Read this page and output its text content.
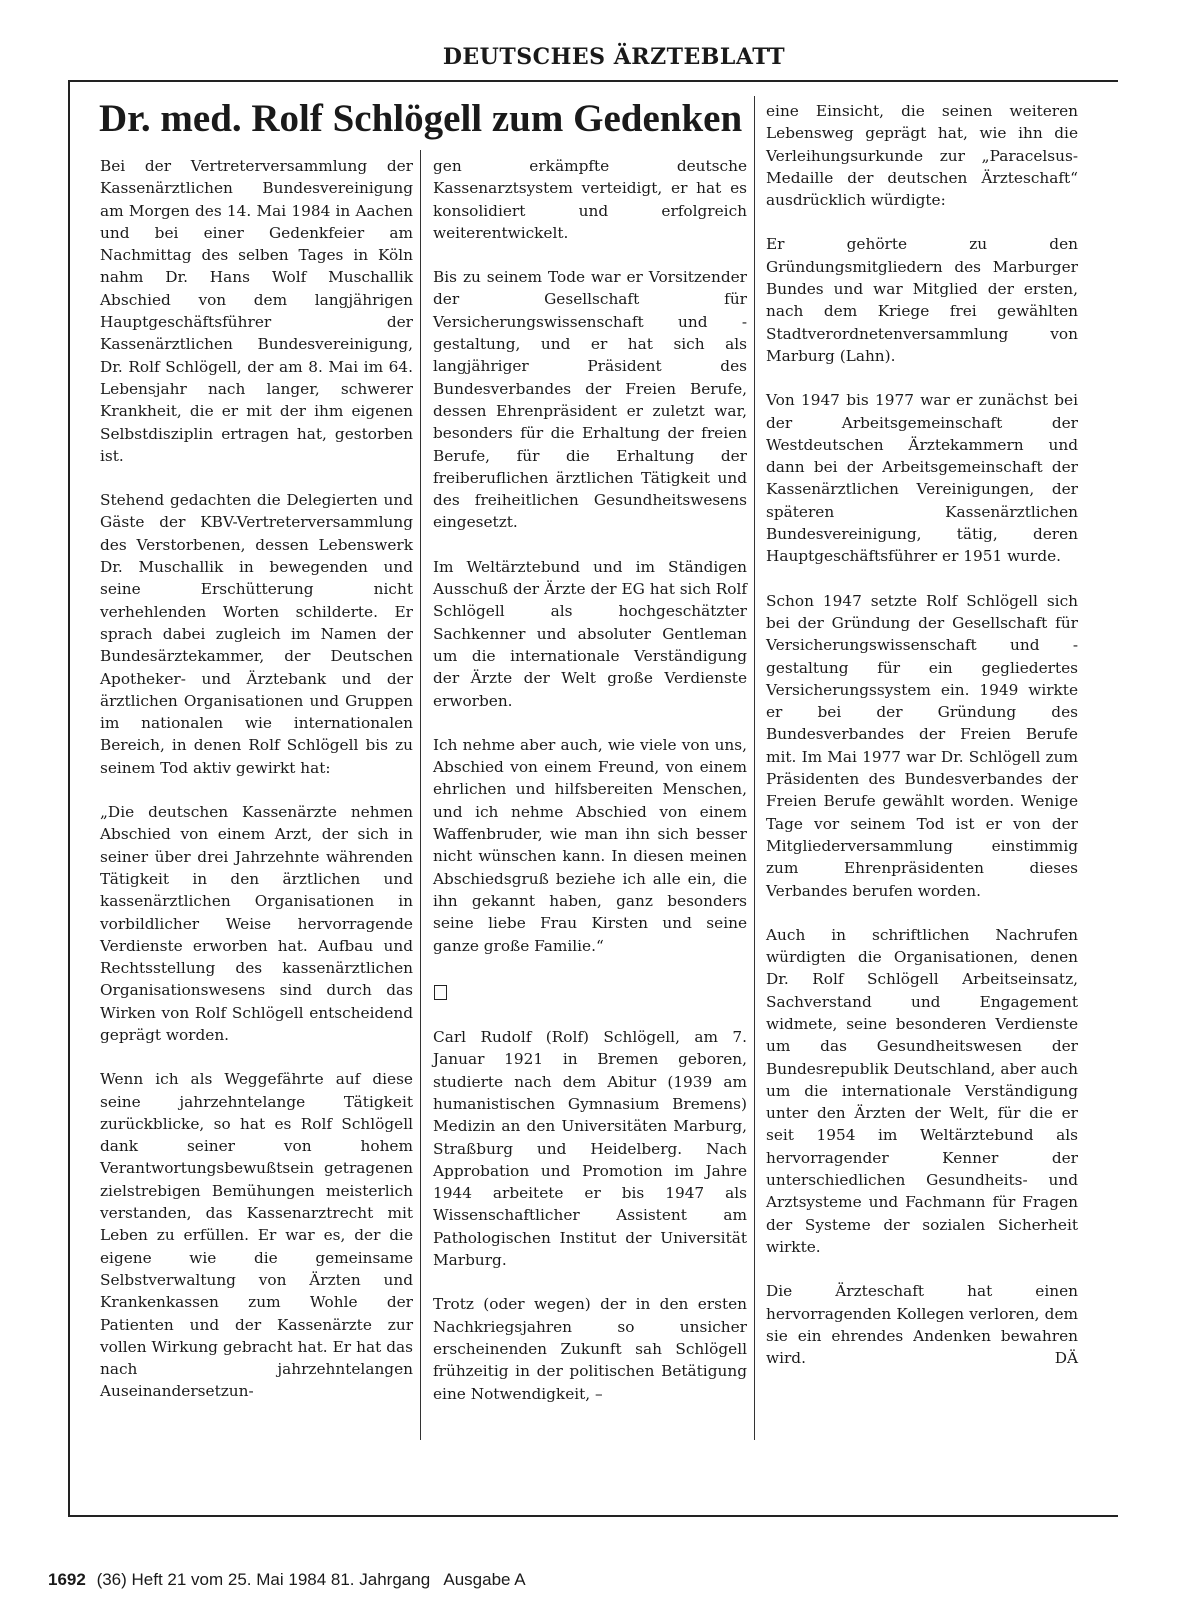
DEUTSCHES ÄRZTEBLATT
Dr. med. Rolf Schlögell zum Gedenken

Bei der Vertreterversammlung der Kassenärztlichen Bundesvereinigung am Morgen des 14. Mai 1984 in Aachen und bei einer Gedenkfeier am Nachmittag des selben Tages in Köln nahm Dr. Hans Wolf Muschallik Abschied von dem langjährigen Hauptgeschäftsführer der Kassenärztlichen Bundesvereinigung, Dr. Rolf Schlögell, der am 8. Mai im 64. Lebensjahr nach langer, schwerer Krankheit, die er mit der ihm eigenen Selbstdisziplin ertragen hat, gestorben ist.

Stehend gedachten die Delegierten und Gäste der KBV-Vertreterversammlung des Verstorbenen, dessen Lebenswerk Dr. Muschallik in bewegenden und seine Erschütterung nicht verhehlenden Worten schilderte. Er sprach dabei zugleich im Namen der Bundesärztekammer, der Deutschen Apotheker- und Ärztebank und der ärztlichen Organisationen und Gruppen im nationalen wie internationalen Bereich, in denen Rolf Schlögell bis zu seinem Tod aktiv gewirkt hat:

„Die deutschen Kassenärzte nehmen Abschied von einem Arzt, der sich in seiner über drei Jahrzehnte währenden Tätigkeit in den ärztlichen und kassenärztlichen Organisationen in vorbildlicher Weise hervorragende Verdienste erworben hat. Aufbau und Rechtsstellung des kassenärztlichen Organisationswesens sind durch das Wirken von Rolf Schlögell entscheidend geprägt worden.

Wenn ich als Weggefährte auf diese seine jahrzehntelange Tätigkeit zurückblicke, so hat es Rolf Schlögell dank seiner von hohem Verantwortungsbewußtsein getragenen zielstrebigen Bemühungen meisterlich verstanden, das Kassenarztrecht mit Leben zu erfüllen. Er war es, der die eigene wie die gemeinsame Selbstverwaltung von Ärzten und Krankenkassen zum Wohle der Patienten und der Kassenärzte zur vollen Wirkung gebracht hat. Er hat das nach jahrzehntelangen Auseinandersetzun-

gen erkämpfte deutsche Kassenarztsystem verteidigt, er hat es konsolidiert und erfolgreich weiterentwickelt.

Bis zu seinem Tode war er Vorsitzender der Gesellschaft für Versicherungswissenschaft und -gestaltung, und er hat sich als langjähriger Präsident des Bundesverbandes der Freien Berufe, dessen Ehrenpräsident er zuletzt war, besonders für die Erhaltung der freien Berufe, für die Erhaltung der freiberuflichen ärztlichen Tätigkeit und des freiheitlichen Gesundheitswesens eingesetzt.

Im Weltärztebund und im Ständigen Ausschuß der Ärzte der EG hat sich Rolf Schlögell als hochgeschätzter Sachkenner und absoluter Gentleman um die internationale Verständigung der Ärzte der Welt große Verdienste erworben.

Ich nehme aber auch, wie viele von uns, Abschied von einem Freund, von einem ehrlichen und hilfsbereiten Menschen, und ich nehme Abschied von einem Waffenbruder, wie man ihn sich besser nicht wünschen kann. In diesen meinen Abschiedsgruß beziehe ich alle ein, die ihn gekannt haben, ganz besonders seine liebe Frau Kirsten und seine ganze große Familie.“

Carl Rudolf (Rolf) Schlögell, am 7. Januar 1921 in Bremen geboren, studierte nach dem Abitur (1939 am humanistischen Gymnasium Bremens) Medizin an den Universitäten Marburg, Straßburg und Heidelberg. Nach Approbation und Promotion im Jahre 1944 arbeitete er bis 1947 als Wissenschaftlicher Assistent am Pathologischen Institut der Universität Marburg.

Trotz (oder wegen) der in den ersten Nachkriegsjahren so unsicher erscheinenden Zukunft sah Schlögell frühzeitig in der politischen Betätigung eine Notwendigkeit, –

eine Einsicht, die seinen weiteren Lebensweg geprägt hat, wie ihn die Verleihungsurkunde zur „Paracelsus-Medaille der deutschen Ärzteschaft“ ausdrücklich würdigte:

Er gehörte zu den Gründungsmitgliedern des Marburger Bundes und war Mitglied der ersten, nach dem Kriege frei gewählten Stadtverordnetenversammlung von Marburg (Lahn).

Von 1947 bis 1977 war er zunächst bei der Arbeitsgemeinschaft der Westdeutschen Ärztekammern und dann bei der Arbeitsgemeinschaft der Kassenärztlichen Vereinigungen, der späteren Kassenärztlichen Bundesvereinigung, tätig, deren Hauptgeschäftsführer er 1951 wurde.

Schon 1947 setzte Rolf Schlögell sich bei der Gründung der Gesellschaft für Versicherungswissenschaft und -gestaltung für ein gegliedertes Versicherungssystem ein. 1949 wirkte er bei der Gründung des Bundesverbandes der Freien Berufe mit. Im Mai 1977 war Dr. Schlögell zum Präsidenten des Bundesverbandes der Freien Berufe gewählt worden. Wenige Tage vor seinem Tod ist er von der Mitgliederversammlung einstimmig zum Ehrenpräsidenten dieses Verbandes berufen worden.

Auch in schriftlichen Nachrufen würdigten die Organisationen, denen Dr. Rolf Schlögell Arbeitseinsatz, Sachverstand und Engagement widmete, seine besonderen Verdienste um das Gesundheitswesen der Bundesrepublik Deutschland, aber auch um die internationale Verständigung unter den Ärzten der Welt, für die er seit 1954 im Weltärztebund als hervorragender Kenner der unterschiedlichen Gesundheits- und Arztsysteme und Fachmann für Fragen der Systeme der sozialen Sicherheit wirkte.

Die Ärzteschaft hat einen hervorragenden Kollegen verloren, dem sie ein ehrendes Andenken bewahren wird.	DÄ

1692 (36) Heft 21 vom 25. Mai 1984 81. Jahrgang   Ausgabe A
